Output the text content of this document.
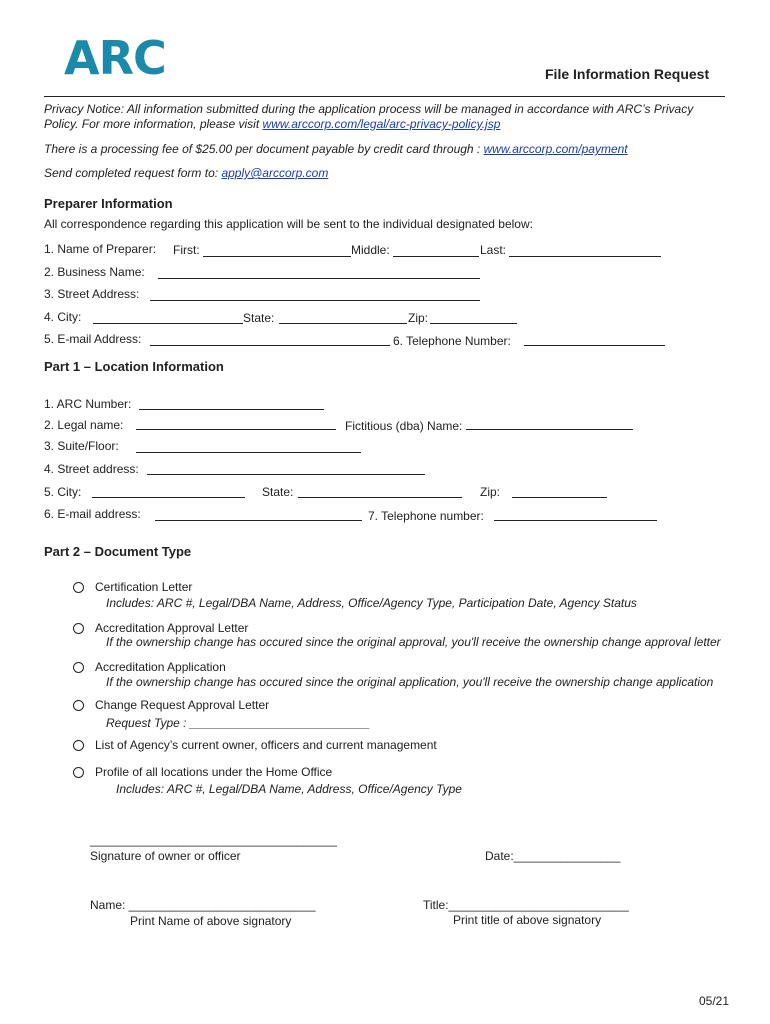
ARC	File Information Request
Privacy Notice: All information submitted during the application process will be managed in accordance with ARC’s Privacy
Policy. For more information, please visit www.arccorp.com/legal/arc-privacy-policy.jsp
There is a processing fee of $25.00 per document payable by credit card through : www.arccorp.com/payment
Send completed request form to: apply@arccorp.com
Preparer Information
All correspondence regarding this application will be sent to the individual designated below:
1. Name of Preparer: First:	Middle:	Last:
2. Business Name:
3. Street Address:
4. City:	State:	Zip:
5. E-mail Address:	6. Telephone Number:
Part 1 – Location Information
1. ARC Number:
2. Legal name:	Fictitious (dba) Name:
3. Suite/Floor:
4. Street address:
5. City:	State:	Zip:
6. E-mail address:	7. Telephone number:
Part 2 – Document Type
Certification Letter
Includes: ARC #, Legal/DBA Name, Address, Office/Agency Type, Participation Date, Agency Status
Accreditation Approval Letter
If the ownership change has occured since the original approval, you'll receive the ownership change approval letter
Accreditation Application
If the ownership change has occured since the original application, you'll receive the ownership change application
Change Request Approval Letter
Request Type : ___________________________
List of Agency’s current owner, officers and current management
Profile of all locations under the Home Office
Includes: ARC #, Legal/DBA Name, Address, Office/Agency Type
_____________________________________
Signature of owner or officer	Date:________________
Name: ____________________________
Print Name of above signatory
Title:___________________________
Print title of above signatory
05/21
